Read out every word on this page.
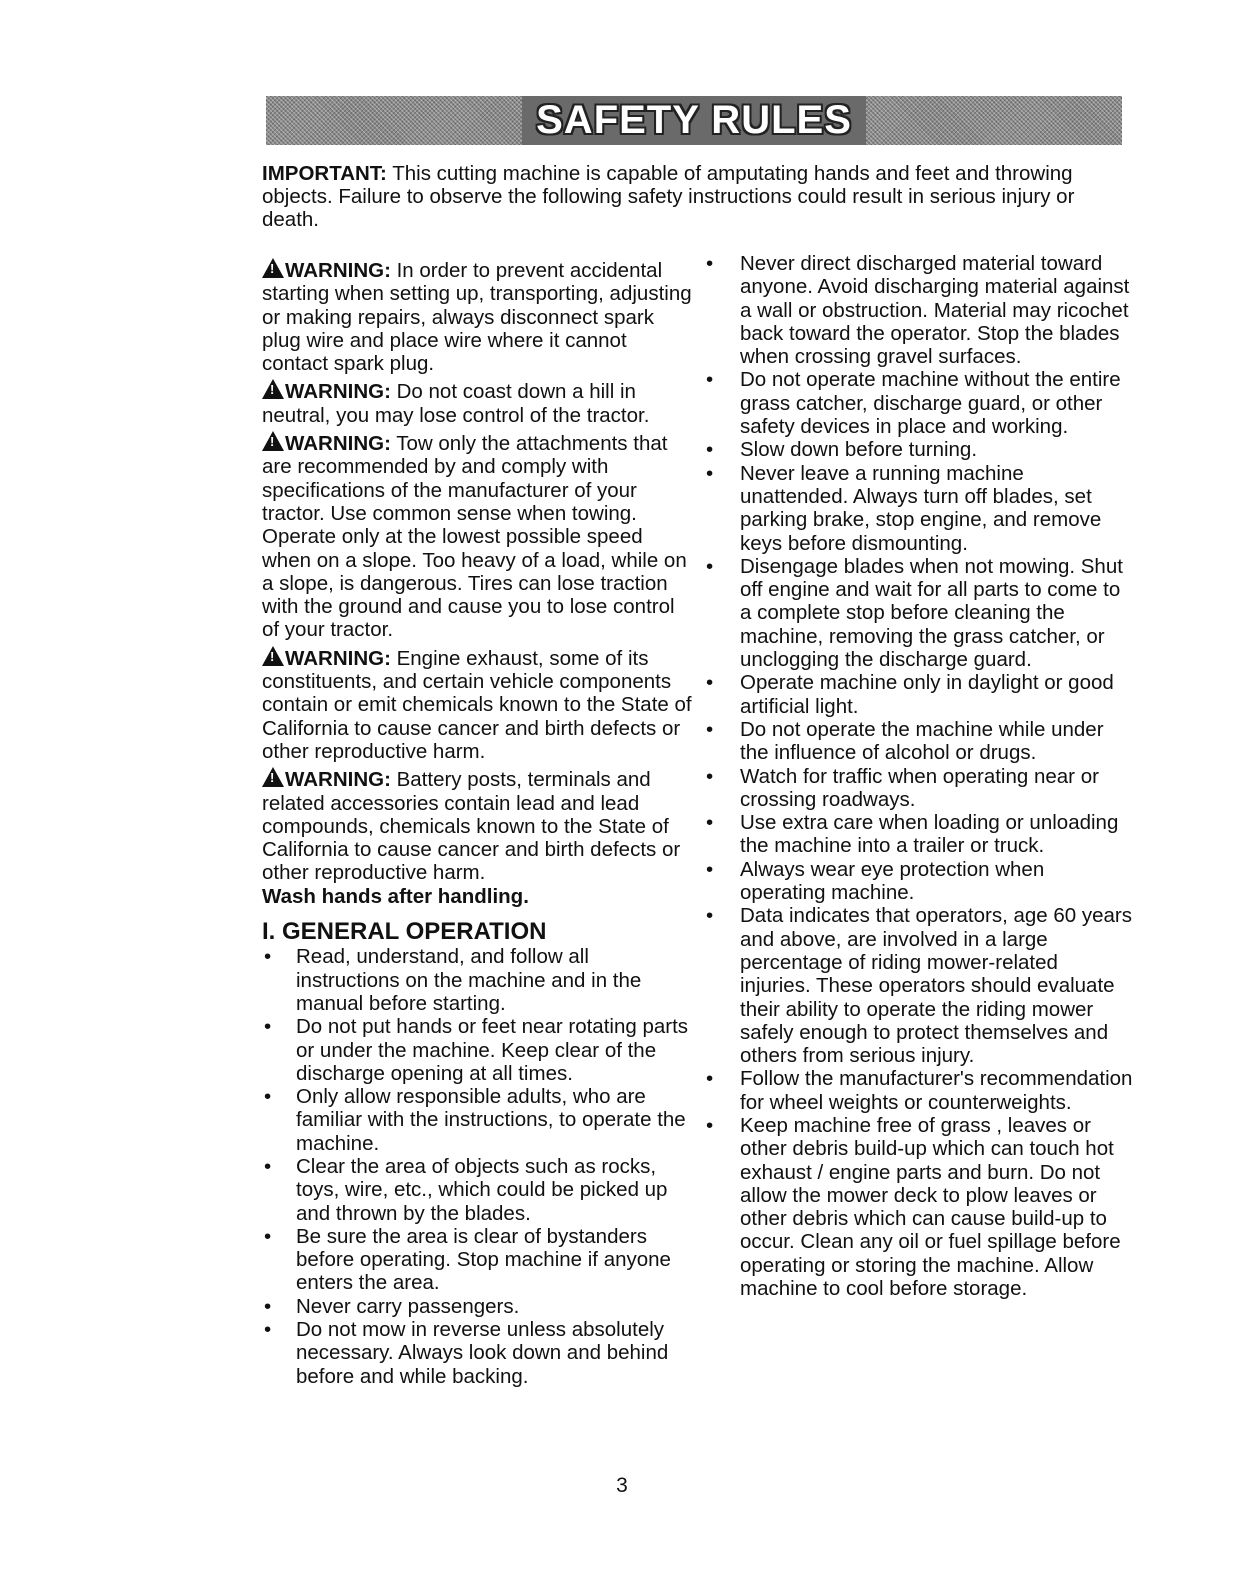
SAFETY RULES
IMPORTANT: This cutting machine is capable of amputating hands and feet and throwing objects. Failure to observe the following safety instructions could result in serious injury or death.

!WARNING: In order to prevent accidental starting when setting up, transporting, adjusting or making repairs, always disconnect spark plug wire and place wire where it cannot contact spark plug.

!WARNING: Do not coast down a hill in neutral, you may lose control of the tractor.

!WARNING: Tow only the attachments that are recommended by and comply with specifications of the manufacturer of your tractor. Use common sense when towing. Operate only at the lowest possible speed when on a slope. Too heavy of a load, while on a slope, is dangerous. Tires can lose traction with the ground and cause you to lose control of your tractor.

!WARNING: Engine exhaust, some of its constituents, and certain vehicle components contain or emit chemicals known to the State of California to cause cancer and birth defects or other reproductive harm.

!WARNING: Battery posts, terminals and related accessories contain lead and lead compounds, chemicals known to the State of California to cause cancer and birth defects or other reproductive harm.
Wash hands after handling.

I. GENERAL OPERATION
• Read, understand, and follow all instructions on the machine and in the manual before starting.
• Do not put hands or feet near rotating parts or under the machine. Keep clear of the discharge opening at all times.
• Only allow responsible adults, who are familiar with the instructions, to operate the machine.
• Clear the area of objects such as rocks, toys, wire, etc., which could be picked up and thrown by the blades.
• Be sure the area is clear of bystanders before operating. Stop machine if anyone enters the area.
• Never carry passengers.
• Do not mow in reverse unless absolutely necessary. Always look down and behind before and while backing.
• Never direct discharged material toward anyone. Avoid discharging material against a wall or obstruction. Material may ricochet back toward the operator. Stop the blades when crossing gravel surfaces.
• Do not operate machine without the entire grass catcher, discharge guard, or other safety devices in place and working.
• Slow down before turning.
• Never leave a running machine unattended. Always turn off blades, set parking brake, stop engine, and remove keys before dismounting.
• Disengage blades when not mowing. Shut off engine and wait for all parts to come to a complete stop before cleaning the machine, removing the grass catcher, or unclogging the discharge guard.
• Operate machine only in daylight or good artificial light.
• Do not operate the machine while under the influence of alcohol or drugs.
• Watch for traffic when operating near or crossing roadways.
• Use extra care when loading or unloading the machine into a trailer or truck.
• Always wear eye protection when operating machine.
• Data indicates that operators, age 60 years and above, are involved in a large percentage of riding mower-related injuries. These operators should evaluate their ability to operate the riding mower safely enough to protect themselves and others from serious injury.
• Follow the manufacturer's recommendation for wheel weights or counterweights.
• Keep machine free of grass , leaves or other debris build-up which can touch hot exhaust / engine parts and burn. Do not allow the mower deck to plow leaves or other debris which can cause build-up to occur. Clean any oil or fuel spillage before operating or storing the machine. Allow machine to cool before storage.
3
